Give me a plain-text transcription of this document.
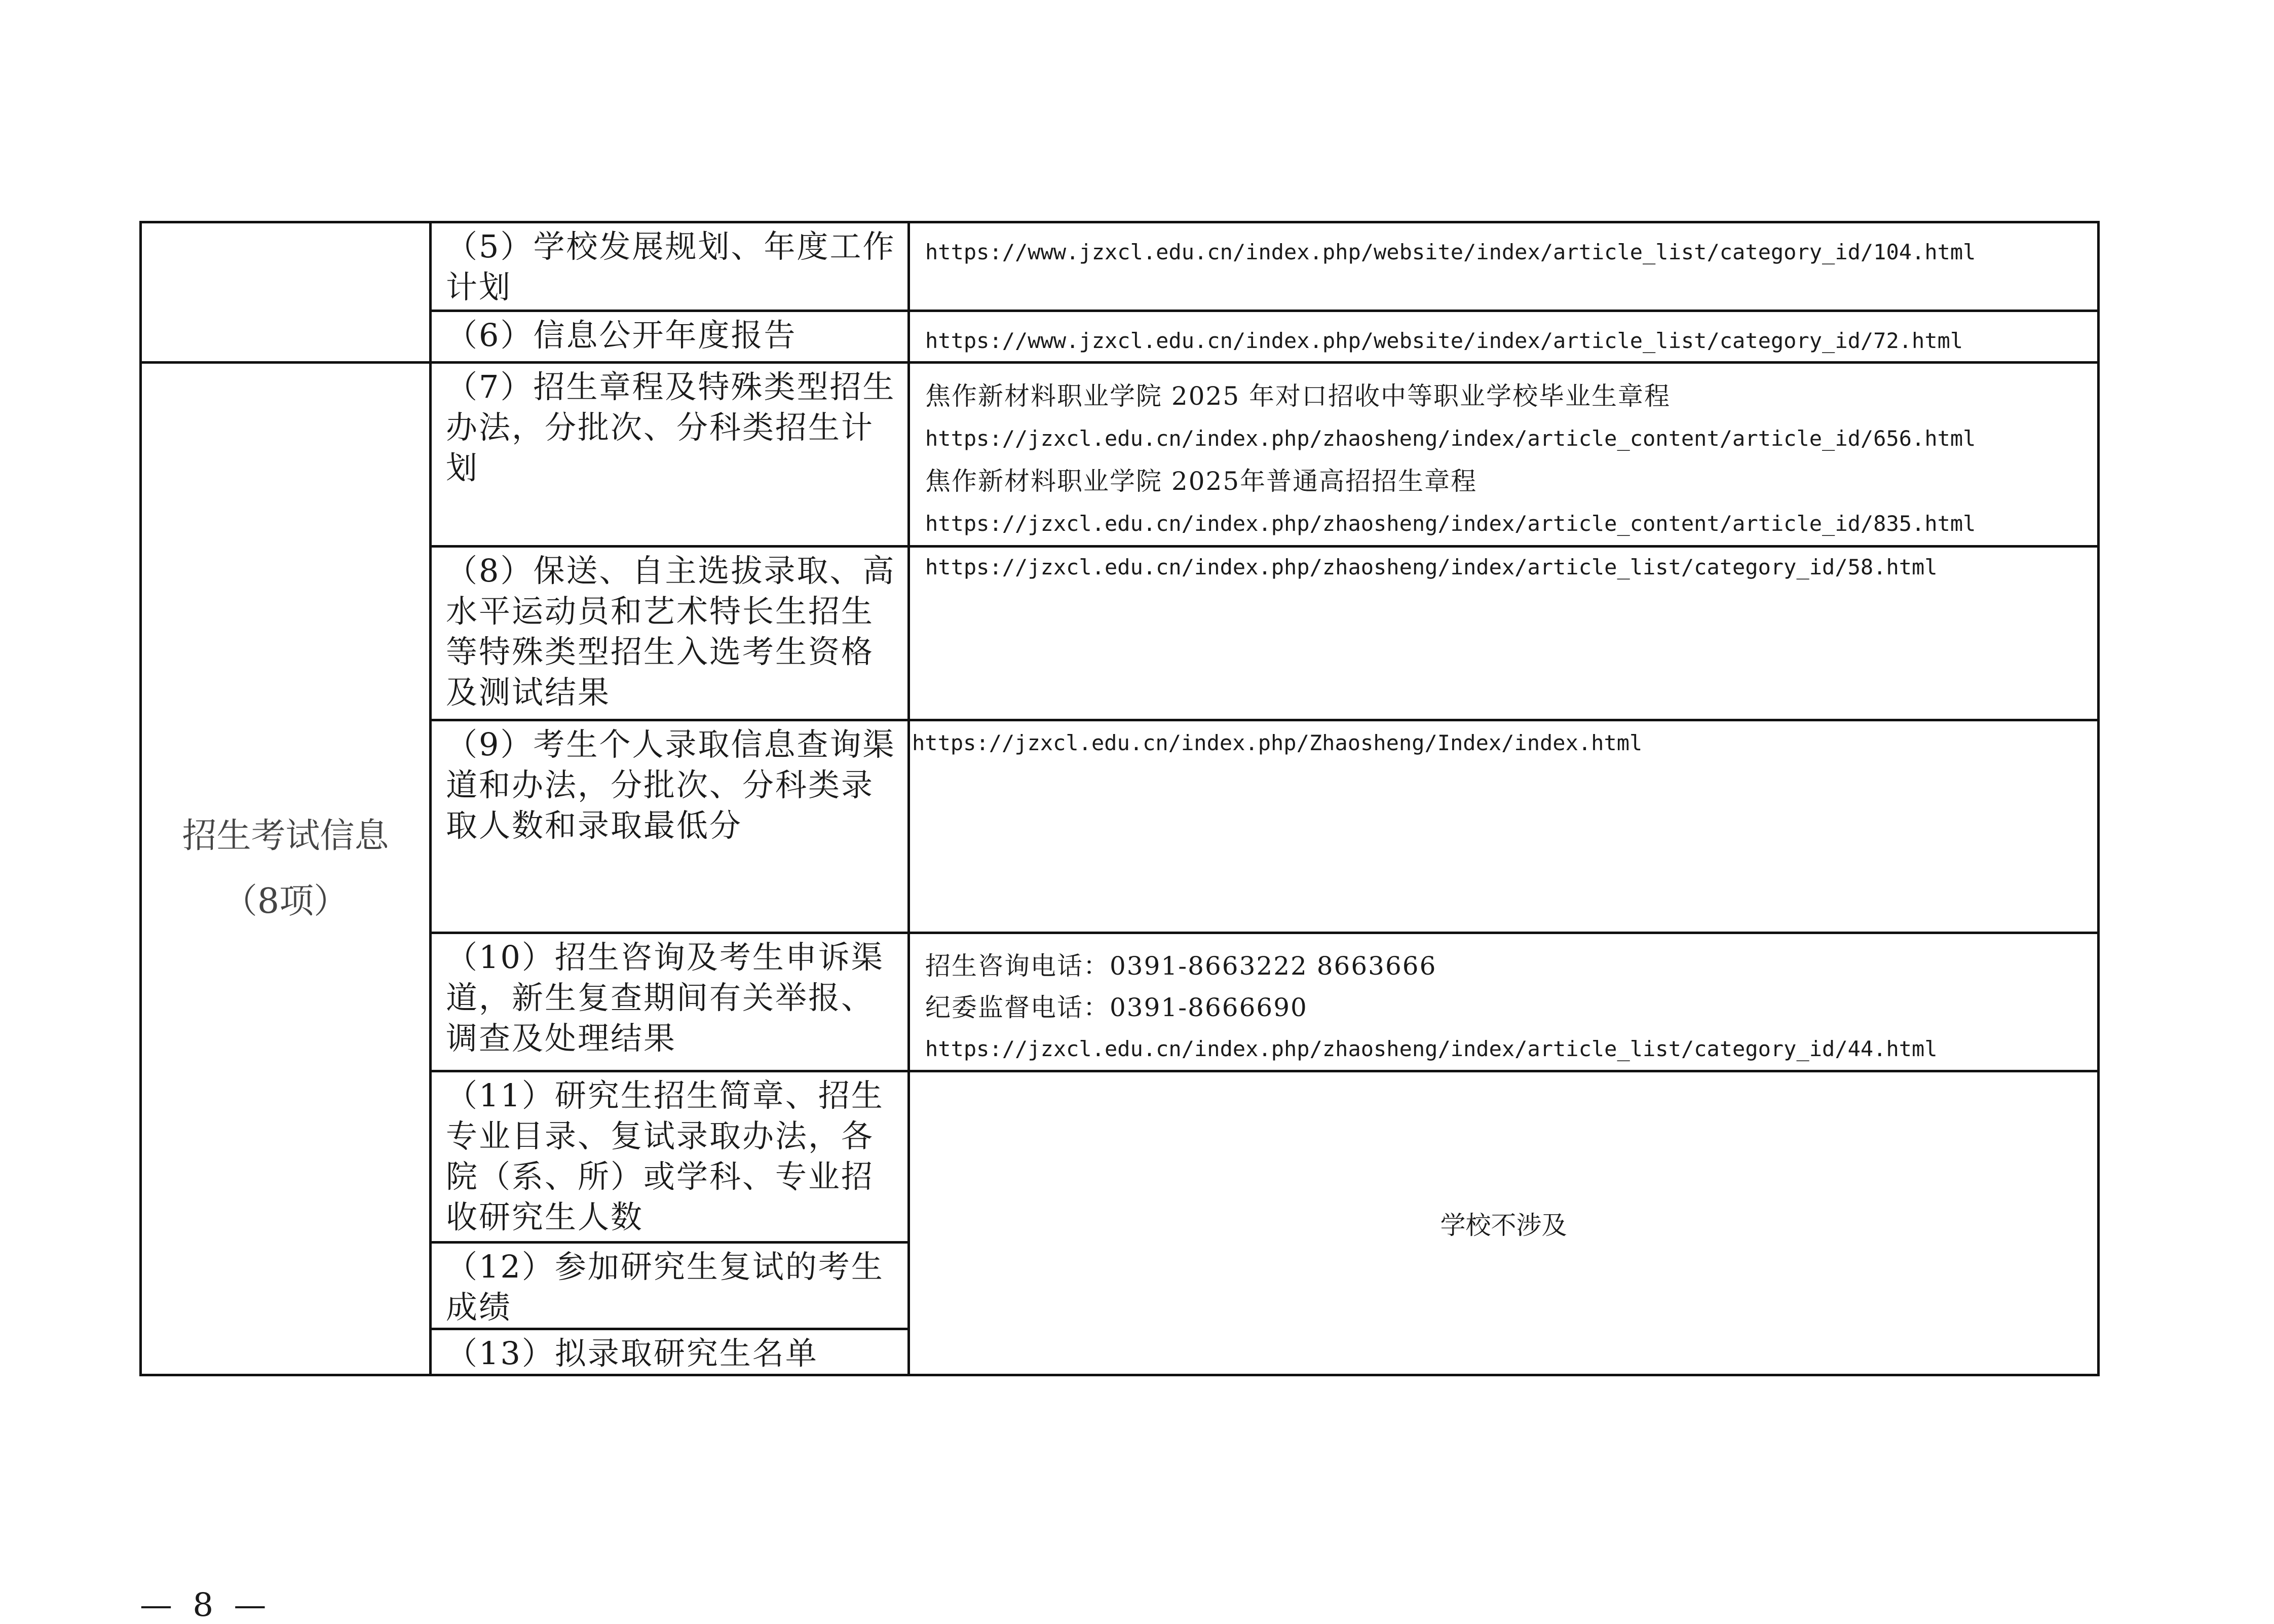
	（5）学校发展规划、年度工作计划	https://www.jzxcl.edu.cn/index.php/website/index/article_list/category_id/104.html

	（6）信息公开年度报告	https://www.jzxcl.edu.cn/index.php/website/index/article_list/category_id/72.html

招生考试信息
（8项）	（7）招生章程及特殊类型招生办法，分批次、分科类招生计划	焦作新材料职业学院 2025 年对口招收中等职业学校毕业生章程
https://jzxcl.edu.cn/index.php/zhaosheng/index/article_content/article_id/656.html
焦作新材料职业学院 2025年普通高招招生章程
https://jzxcl.edu.cn/index.php/zhaosheng/index/article_content/article_id/835.html

	（8）保送、自主选拔录取、高水平运动员和艺术特长生招生等特殊类型招生入选考生资格及测试结果	https://jzxcl.edu.cn/index.php/zhaosheng/index/article_list/category_id/58.html

	（9）考生个人录取信息查询渠道和办法，分批次、分科类录取人数和录取最低分	https://jzxcl.edu.cn/index.php/Zhaosheng/Index/index.html

	（10）招生咨询及考生申诉渠道，新生复查期间有关举报、调查及处理结果	招生咨询电话：0391-8663222 8663666
纪委监督电话：0391-8666690
https://jzxcl.edu.cn/index.php/zhaosheng/index/article_list/category_id/44.html

	（11）研究生招生简章、招生专业目录、复试录取办法，各院（系、所）或学科、专业招收研究生人数	学校不涉及
	（12）参加研究生复试的考生成绩	
	（13）拟录取研究生名单	
— 8 —
